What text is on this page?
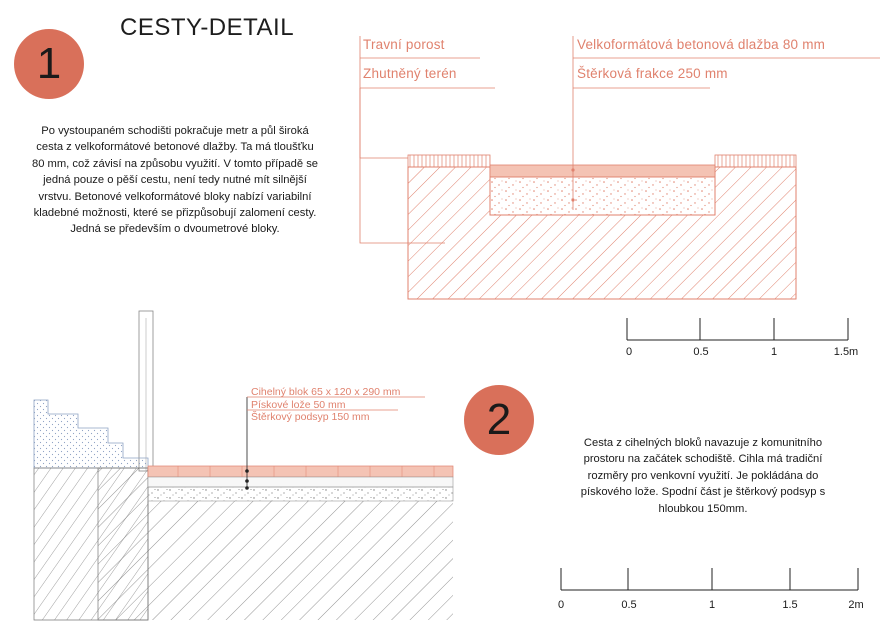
CESTY-DETAIL
1
2
Po vystoupaném schodišti pokračuje metr a půl široká cesta z velkoformátové betonové dlažby. Ta má tloušťku 80 mm, což závisí na způsobu využití. V tomto případě se jedná pouze o pěší cestu, není tedy nutné mít silnější vrstvu. Betonové velkoformátové bloky nabízí variabilní kladebné možnosti, které se přizpůsobují zalomení cesty. Jedná se především o dvoumetrové bloky.
Cesta z cihelných bloků navazuje z komunitního prostoru na začátek schodiště. Cihla má tradiční rozměry pro venkovní využití. Je pokládána do pískového lože. Spodní část je štěrkový podsyp s hloubkou 150mm.
Travní porost
Zhutněný terén
Velkoformátová betonová dlažba 80 mm
Štěrková frakce 250 mm
0	0.5	1	1.5m
Cihelný blok 65 x 120 x 290 mm
Pískové lože 50 mm
Štěrkový podsyp 150 mm
0	0.5	1	1.5	2m
